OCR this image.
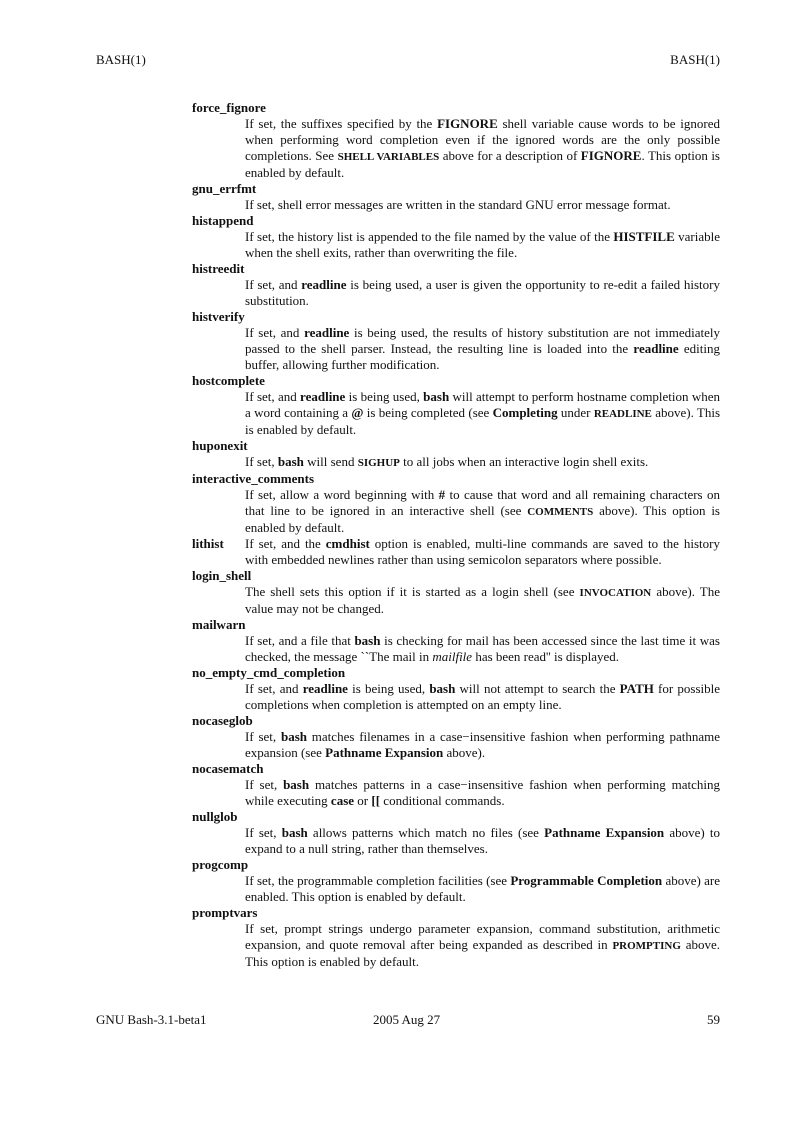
BASH(1)	BASH(1)
force_fignore
If set, the suffixes specified by the FIGNORE shell variable cause words to be ignored when performing word completion even if the ignored words are the only possible completions. See SHELL VARIABLES above for a description of FIGNORE. This option is enabled by default.
gnu_errfmt
If set, shell error messages are written in the standard GNU error message format.
histappend
If set, the history list is appended to the file named by the value of the HISTFILE variable when the shell exits, rather than overwriting the file.
histreedit
If set, and readline is being used, a user is given the opportunity to re-edit a failed history substitution.
histverify
If set, and readline is being used, the results of history substitution are not immediately passed to the shell parser. Instead, the resulting line is loaded into the readline editing buffer, allowing further modification.
hostcomplete
If set, and readline is being used, bash will attempt to perform hostname completion when a word containing a @ is being completed (see Completing under READLINE above). This is enabled by default.
huponexit
If set, bash will send SIGHUP to all jobs when an interactive login shell exits.
interactive_comments
If set, allow a word beginning with # to cause that word and all remaining characters on that line to be ignored in an interactive shell (see COMMENTS above). This option is enabled by default.
lithist If set, and the cmdhist option is enabled, multi-line commands are saved to the history with embedded newlines rather than using semicolon separators where possible.
login_shell
The shell sets this option if it is started as a login shell (see INVOCATION above). The value may not be changed.
mailwarn
If set, and a file that bash is checking for mail has been accessed since the last time it was checked, the message ``The mail in mailfile has been read'' is displayed.
no_empty_cmd_completion
If set, and readline is being used, bash will not attempt to search the PATH for possible completions when completion is attempted on an empty line.
nocaseglob
If set, bash matches filenames in a case−insensitive fashion when performing pathname expansion (see Pathname Expansion above).
nocasematch
If set, bash matches patterns in a case−insensitive fashion when performing matching while executing case or [[ conditional commands.
nullglob
If set, bash allows patterns which match no files (see Pathname Expansion above) to expand to a null string, rather than themselves.
progcomp
If set, the programmable completion facilities (see Programmable Completion above) are enabled. This option is enabled by default.
promptvars
If set, prompt strings undergo parameter expansion, command substitution, arithmetic expansion, and quote removal after being expanded as described in PROMPTING above. This option is enabled by default.
GNU Bash-3.1-beta1	2005 Aug 27	59
